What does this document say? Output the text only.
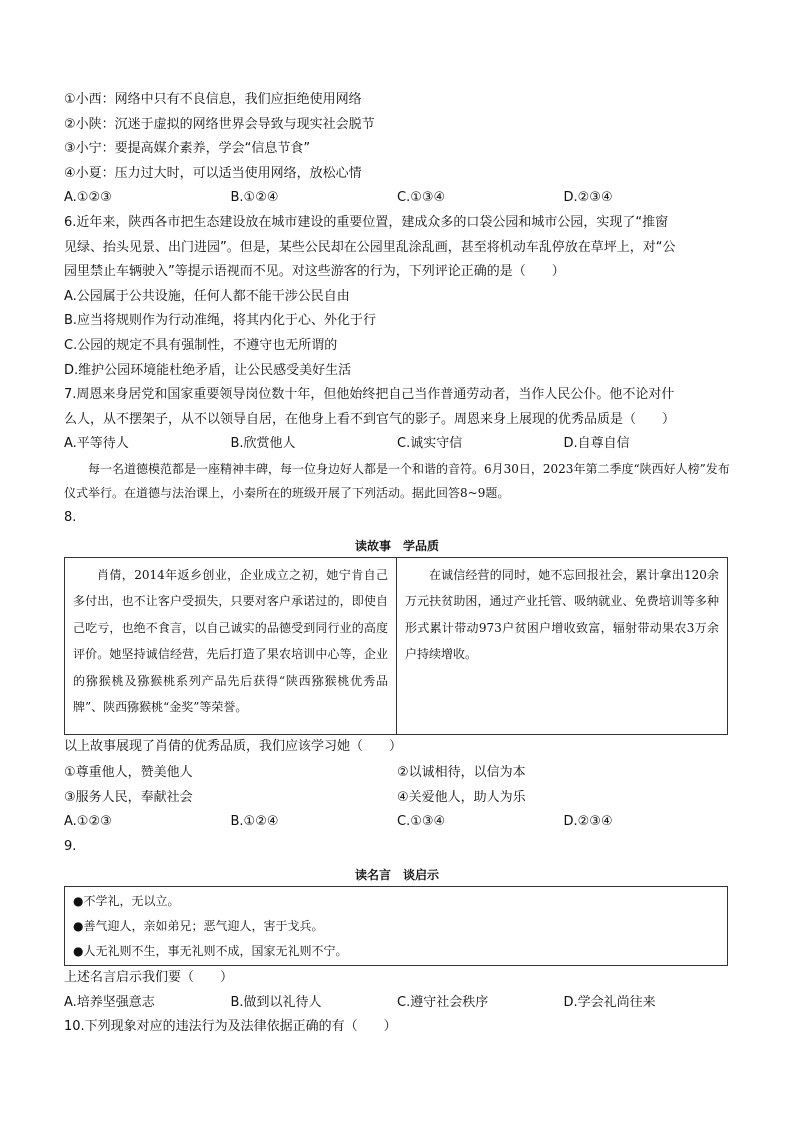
①小西：网络中只有不良信息，我们应拒绝使用网络
②小陕：沉迷于虚拟的网络世界会导致与现实社会脱节
③小宁：要提高媒介素养，学会“信息节食”
④小夏：压力过大时，可以适当使用网络，放松心情
A.①②③	B.①②④	C.①③④	D.②③④
6.近年来，陕西各市把生态建设放在城市建设的重要位置，建成众多的口袋公园和城市公园，实现了“推窗
见绿、抬头见景、出门进园”。但是，某些公民却在公园里乱涂乱画，甚至将机动车乱停放在草坪上，对“公
园里禁止车辆驶入”等提示语视而不见。对这些游客的行为，下列评论正确的是（　　）
A.公园属于公共设施，任何人都不能干涉公民自由
B.应当将规则作为行动准绳，将其内化于心、外化于行
C.公园的规定不具有强制性，不遵守也无所谓的
D.维护公园环境能杜绝矛盾，让公民感受美好生活
7.周恩来身居党和国家重要领导岗位数十年，但他始终把自己当作普通劳动者，当作人民公仆。他不论对什
么人，从不摆架子，从不以领导自居，在他身上看不到官气的影子。周恩来身上展现的优秀品质是（　　）
A.平等待人	B.欣赏他人	C.诚实守信	D.自尊自信

每一名道德模范都是一座精神丰碑，每一位身边好人都是一个和谐的音符。6月30日，2023年第二季度“陕西好人榜”发布仪式举行。在道德与法治课上，小秦所在的班级开展了下列活动。据此回答8~9题。

8.
读故事　学品质
肖倩，2014年返乡创业，企业成立之初，她宁肯自己多付出，也不让客户受损失，只要对客户承诺过的，即使自己吃亏，也绝不食言，以自己诚实的品德受到同行业的高度评价。她坚持诚信经营，先后打造了果农培训中心等，企业的猕猴桃及猕猴桃系列产品先后获得“陕西猕猴桃优秀品牌”、陕西猕猴桃“金奖”等荣誉。
在诚信经营的同时，她不忘回报社会，累计拿出120余万元扶贫助困，通过产业托管、吸纳就业、免费培训等多种形式累计带动973户贫困户增收致富，辐射带动果农3万余户持续增收。
以上故事展现了肖倩的优秀品质，我们应该学习她（　　）
①尊重他人，赞美他人	②以诚相待，以信为本
③服务人民，奉献社会	④关爱他人，助人为乐
A.①②③	B.①②④	C.①③④	D.②③④
9.
读名言　谈启示
●不学礼，无以立。
●善气迎人，亲如弟兄；恶气迎人，害于戈兵。
●人无礼则不生，事无礼则不成，国家无礼则不宁。
上述名言启示我们要（　　）
A.培养坚强意志	B.做到以礼待人	C.遵守社会秩序	D.学会礼尚往来
10.下列现象对应的违法行为及法律依据正确的有（　　）
